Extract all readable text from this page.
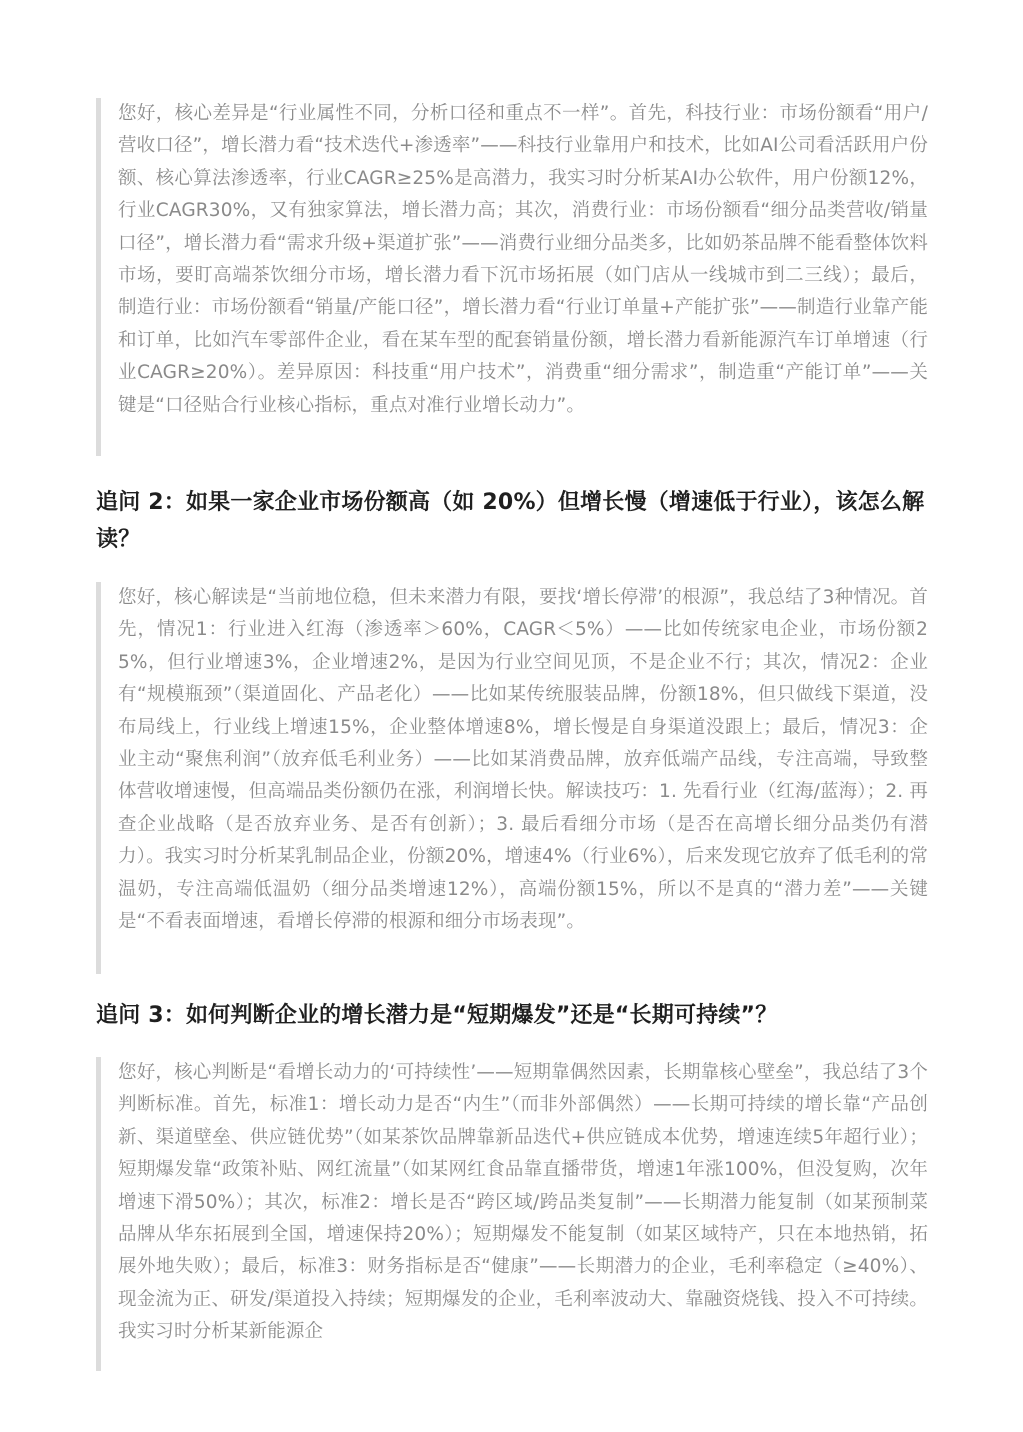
您好，核心差异是“行业属性不同，分析口径和重点不一样”。首先，科技行业：市场份额看“用户/营收口径”，增长潜力看“技术迭代+渗透率”——科技行业靠用户和技术，比如AI公司看活跃用户份额、核心算法渗透率，行业CAGR≥25%是高潜力，我实习时分析某AI办公软件，用户份额12%，行业CAGR30%，又有独家算法，增长潜力高；其次，消费行业：市场份额看“细分品类营收/销量口径”，增长潜力看“需求升级+渠道扩张”——消费行业细分品类多，比如奶茶品牌不能看整体饮料市场，要盯高端茶饮细分市场，增长潜力看下沉市场拓展（如门店从一线城市到二三线）；最后，制造行业：市场份额看“销量/产能口径”，增长潜力看“行业订单量+产能扩张”——制造行业靠产能和订单，比如汽车零部件企业，看在某车型的配套销量份额，增长潜力看新能源汽车订单增速（行业CAGR≥20%）。差异原因：科技重“用户技术”，消费重“细分需求”，制造重“产能订单”——关键是“口径贴合行业核心指标，重点对准行业增长动力”。

追问 2：如果一家企业市场份额高（如 20%）但增长慢（增速低于行业），该怎么解读？

您好，核心解读是“当前地位稳，但未来潜力有限，要找‘增长停滞’的根源”，我总结了3种情况。首先，情况1：行业进入红海（渗透率＞60%，CAGR＜5%）——比如传统家电企业，市场份额25%，但行业增速3%，企业增速2%，是因为行业空间见顶，不是企业不行；其次，情况2：企业有“规模瓶颈”（渠道固化、产品老化）——比如某传统服装品牌，份额18%，但只做线下渠道，没布局线上，行业线上增速15%，企业整体增速8%，增长慢是自身渠道没跟上；最后，情况3：企业主动“聚焦利润”（放弃低毛利业务）——比如某消费品牌，放弃低端产品线，专注高端，导致整体营收增速慢，但高端品类份额仍在涨，利润增长快。解读技巧：1. 先看行业（红海/蓝海）；2. 再查企业战略（是否放弃业务、是否有创新）；3. 最后看细分市场（是否在高增长细分品类仍有潜力）。我实习时分析某乳制品企业，份额20%，增速4%（行业6%），后来发现它放弃了低毛利的常温奶，专注高端低温奶（细分品类增速12%），高端份额15%，所以不是真的“潜力差”——关键是“不看表面增速，看增长停滞的根源和细分市场表现”。

追问 3：如何判断企业的增长潜力是“短期爆发”还是“长期可持续”？

您好，核心判断是“看增长动力的‘可持续性’——短期靠偶然因素，长期靠核心壁垒”，我总结了3个判断标准。首先，标准1：增长动力是否“内生”（而非外部偶然）——长期可持续的增长靠“产品创新、渠道壁垒、供应链优势”（如某茶饮品牌靠新品迭代+供应链成本优势，增速连续5年超行业）；短期爆发靠“政策补贴、网红流量”（如某网红食品靠直播带货，增速1年涨100%，但没复购，次年增速下滑50%）；其次，标准2：增长是否“跨区域/跨品类复制”——长期潜力能复制（如某预制菜品牌从华东拓展到全国，增速保持20%）；短期爆发不能复制（如某区域特产，只在本地热销，拓展外地失败）；最后，标准3：财务指标是否“健康”——长期潜力的企业，毛利率稳定（≥40%）、现金流为正、研发/渠道投入持续；短期爆发的企业，毛利率波动大、靠融资烧钱、投入不可持续。我实习时分析某新能源企
